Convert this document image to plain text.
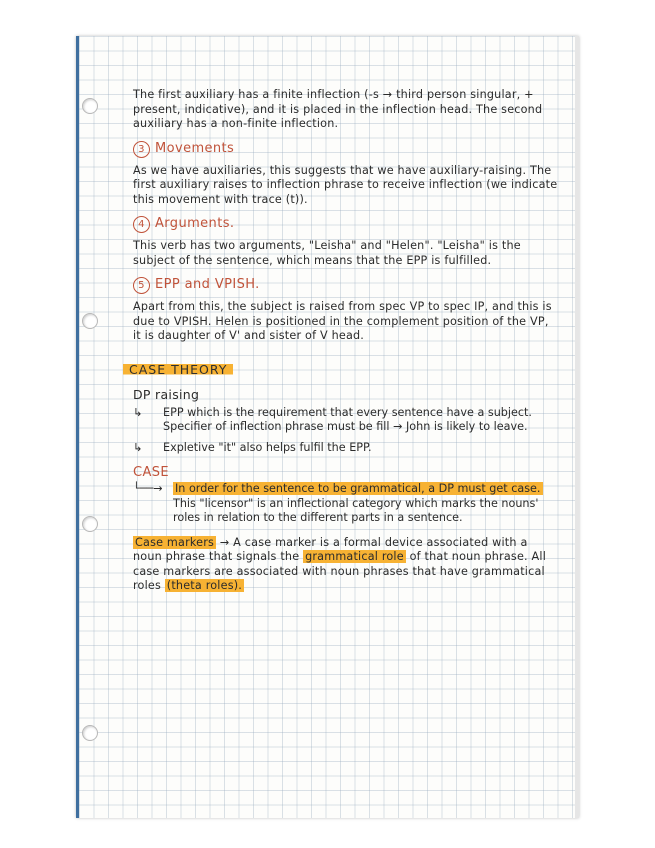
The first auxiliary has a finite inflection (-s → third person singular, + present, indicative), and it is placed in the inflection head. The second auxiliary has a non-finite inflection.

3 Movements

As we have auxiliaries, this suggests that we have auxiliary-raising. The first auxiliary raises to inflection phrase to receive inflection (we indicate this movement with trace (t)).

4 Arguments.

This verb has two arguments, "Leisha" and "Helen". "Leisha" is the subject of the sentence, which means that the EPP is fulfilled.

5 EPP and VPISH.

Apart from this, the subject is raised from spec VP to spec IP, and this is due to VPISH. Helen is positioned in the complement position of the VP, it is daughter of V' and sister of V head.

CASE THEORY
DP raising
↳	EPP which is the requirement that every sentence have a subject. Specifier of inflection phrase must be fill → John is likely to leave.
↳	Expletive "it" also helps fulfil the EPP.
CASE
└──→	In order for the sentence to be grammatical, a DP must get case. This "licensor" is an inflectional category which marks the nouns' roles in relation to the different parts in a sentence.

Case markers → A case marker is a formal device associated with a noun phrase that signals the grammatical role of that noun phrase. All case markers are associated with noun phrases that have grammatical roles (theta roles).
